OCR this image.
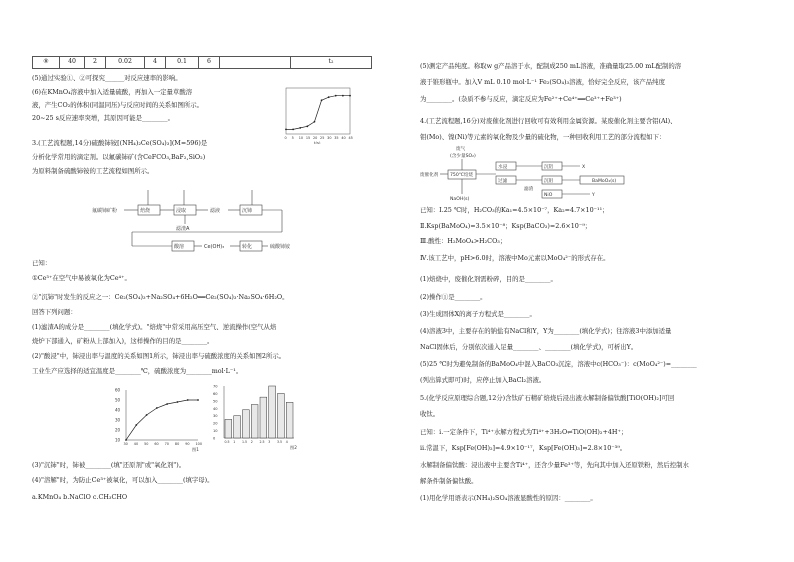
⑧	40	2	0.02	4	0.1	6		t₂
(5)通过实验①、②可探究______对反应速率的影响。
(6)在KMnO₄溶液中加入适量硫酸，再加入一定量草酸溶
液，产生CO₂的体积(同温同压)与反应时间的关系如图所示。
20~25 s反应速率突增，其原因可能是________。
0 5 10 15 20 25 30 35 40 45
t(s)
3.(工艺流程题,14分)硫酸铈铵[(NH₄)₂Ce(SO₄)₃](M=596)是
分析化学常用的滴定剂。以氟碳铈矿(含CeFCO₃,BaF₂,SiO₂)
为原料制备硫酸铈铵的工艺流程如图所示。
氟碳铈矿粉	焙烧	浸取
滤渣A
滤液	沉铈
Ce(OH)₃
酸溶	转化	硫酸铈铵
已知：
①Ce³⁺在空气中易被氧化为Ce⁴⁺。
②"沉铈"时发生的反应之一：Ce₂(SO₄)₃+Na₂SO₄+6H₂O══Ce₂(SO₄)₃·Na₂SO₄·6H₂O。
回答下列问题：
(1)滤渣A的成分是________(填化学式)。"焙烧"中常采用高压空气、逆流操作(空气从焙
烧炉下部通入，矿粉从上部加入)，这样操作的目的是________。
(2)"酸浸"中，铈浸出率与温度的关系如图1所示，铈浸出率与硫酸浓度的关系如图2所示。
工业生产应选择的适宜温度是________℃，硫酸浓度为________mol·L⁻¹。
10
20
30
40
50
60
30 40 50 60 70 80 90 100
图1
0
10
20
30
40
50
60
70
0.5 1 1.5 2 2.5 3 3.5 4
图2
(3)"沉铈"时，铈被________(填"还原剂"或"氧化剂")。
(4)"溶解"时，为防止Ce³⁺被氧化，可以加入________(填字母)。
a.KMnO₄ b.NaClO c.CH₃CHO
(5)测定产品纯度。称取w g产品溶于水，配制成250 mL溶液，准确量取25.00 mL配制的溶
液于锥形瓶中。加入V mL 0.10 mol·L⁻¹ Fe₂(SO₄)₃溶液，恰好完全反应，该产品纯度
为________。(杂质不参与反应，滴定反应为Fe²⁺+Ce⁴⁺══Ce³⁺+Fe³⁺)
4.(工艺流程题,16分)对废催化剂进行回收可有效利用金属资源。某废催化剂主要含铝(Al)、
钼(Mo)、镍(Ni)等元素的氧化物及少量的硫化物，一种回收利用工艺的部分流程如下：
废气
(含少量SO₂)
废催化剂	750℃焙烧
NaOH(s)
水浸
过滤
滤渣
沉铝	X
沉钼	BaMoO₄(s)
NiO	Y
已知：Ⅰ.25 ℃时，H₂CO₃的Ka₁=4.5×10⁻⁷，Ka₂=4.7×10⁻¹¹；
Ⅱ.Ksp(BaMoO₄)=3.5×10⁻⁸；Ksp(BaCO₃)=2.6×10⁻⁹；
Ⅲ.酸性：H₂MoO₄>H₂CO₃；
Ⅳ.该工艺中，pH>6.0时，溶液中Mo元素以MoO₄²⁻的形式存在。
(1)焙烧中，废催化剂需粉碎，目的是________。
(2)操作①是________。
(3)生成固体X的离子方程式是________。
(4)溶液3中，主要存在的钠盐有NaCl和Y，Y为________(填化学式)；往溶液3中添加适量
NaCl固体后，分别依次通入足量________、________(填化学式)，可析出Y。
(5)25 ℃时为避免制备的BaMoO₄中混入BaCO₃沉淀，溶液中c(HCO₃⁻)：c(MoO₄²⁻)=________
(列出算式即可)时，应停止加入BaCl₂溶液。
5.(化学反应原理综合题,12分)含钛矿石精矿焙烧后浸出液水解制备偏钛酸[TiO(OH)₂]可回
收钛。
已知：ⅰ.一定条件下，Ti⁴⁺水解方程式为Ti⁴⁺+3H₂O⇌TiO(OH)₂+4H⁺；
ⅱ.常温下，Ksp[Fe(OH)₂]=4.9×10⁻¹⁷，Ksp[Fe(OH)₃]=2.8×10⁻³⁹。
水解制备偏钛酸：浸出液中主要含Ti⁴⁺，还含少量Fe³⁺等，先向其中加入还原铁粉，然后控制水
解条件制备偏钛酸。
(1)用化学用语表示(NH₄)₂SO₄溶液显酸性的原因：________。
